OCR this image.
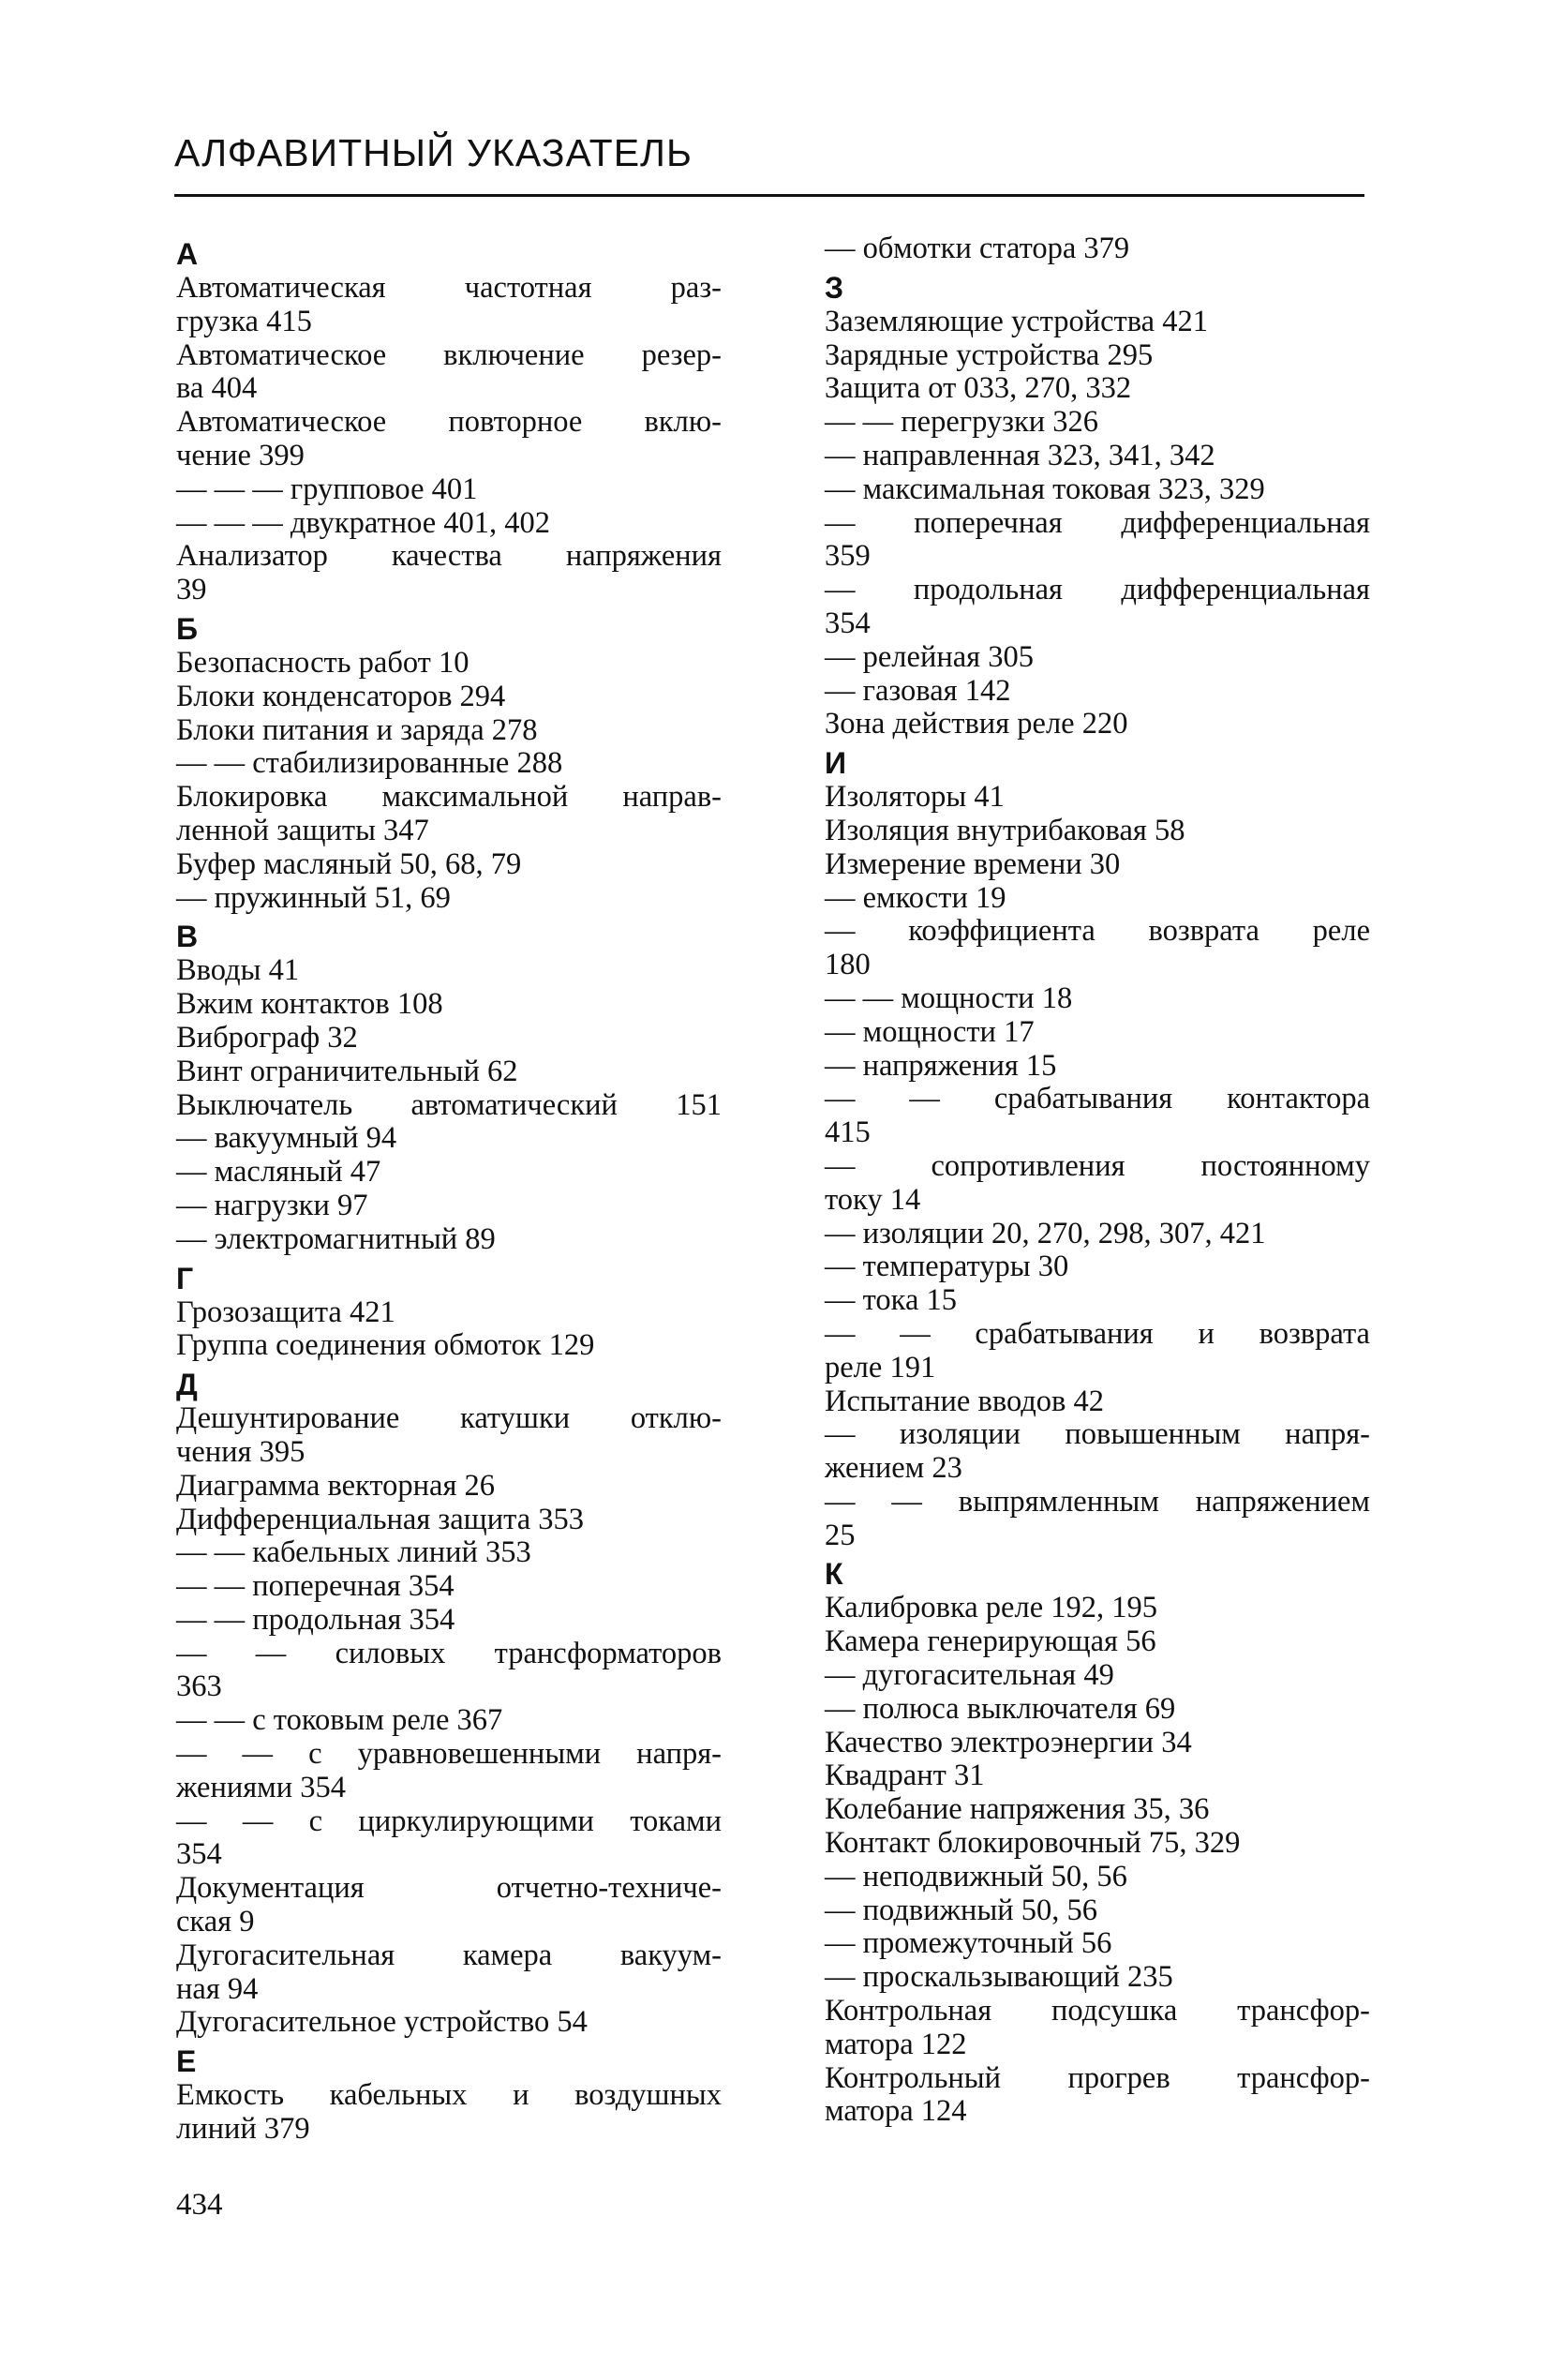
АЛФАВИТНЫЙ УКАЗАТЕЛЬ
А
Автоматическая частотная раз-
грузка 415
Автоматическое включение резер-
ва 404
Автоматическое повторное вклю-
чение 399
— — — групповое 401
— — — двукратное 401, 402
Анализатор качества напряжения
39
Б
Безопасность работ 10
Блоки конденсаторов 294
Блоки питания и заряда 278
— — стабилизированные 288
Блокировка максимальной направ-
ленной защиты 347
Буфер масляный 50, 68, 79
— пружинный 51, 69
В
Вводы 41
Вжим контактов 108
Виброграф 32
Винт ограничительный 62
Выключатель автоматический 151
— вакуумный 94
— масляный 47
— нагрузки 97
— электромагнитный 89
Г
Грозозащита 421
Группа соединения обмоток 129
Д
Дешунтирование катушки отклю-
чения 395
Диаграмма векторная 26
Дифференциальная защита 353
— — кабельных линий 353
— — поперечная 354
— — продольная 354
— — силовых трансформаторов
363
— — с токовым реле 367
— — с уравновешенными напря-
жениями 354
— — с циркулирующими токами
354
Документация отчетно-техниче-
ская 9
Дугогасительная камера вакуум-
ная 94
Дугогасительное устройство 54
Е
Емкость кабельных и воздушных
линий 379
— обмотки статора 379
З
Заземляющие устройства 421
Зарядные устройства 295
Защита от 033, 270, 332
— — перегрузки 326
— направленная 323, 341, 342
— максимальная токовая 323, 329
— поперечная дифференциальная
359
— продольная дифференциальная
354
— релейная 305
— газовая 142
Зона действия реле 220
И
Изоляторы 41
Изоляция внутрибаковая 58
Измерение времени 30
— емкости 19
— коэффициента возврата реле
180
— — мощности 18
— мощности 17
— напряжения 15
— — срабатывания контактора
415
— сопротивления постоянному
току 14
— изоляции 20, 270, 298, 307, 421
— температуры 30
— тока 15
— — срабатывания и возврата
реле 191
Испытание вводов 42
— изоляции повышенным напря-
жением 23
— — выпрямленным напряжением
25
К
Калибровка реле 192, 195
Камера генерирующая 56
— дугогасительная 49
— полюса выключателя 69
Качество электроэнергии 34
Квадрант 31
Колебание напряжения 35, 36
Контакт блокировочный 75, 329
— неподвижный 50, 56
— подвижный 50, 56
— промежуточный 56
— проскальзывающий 235
Контрольная подсушка трансфор-
матора 122
Контрольный прогрев трансфор-
матора 124
434
